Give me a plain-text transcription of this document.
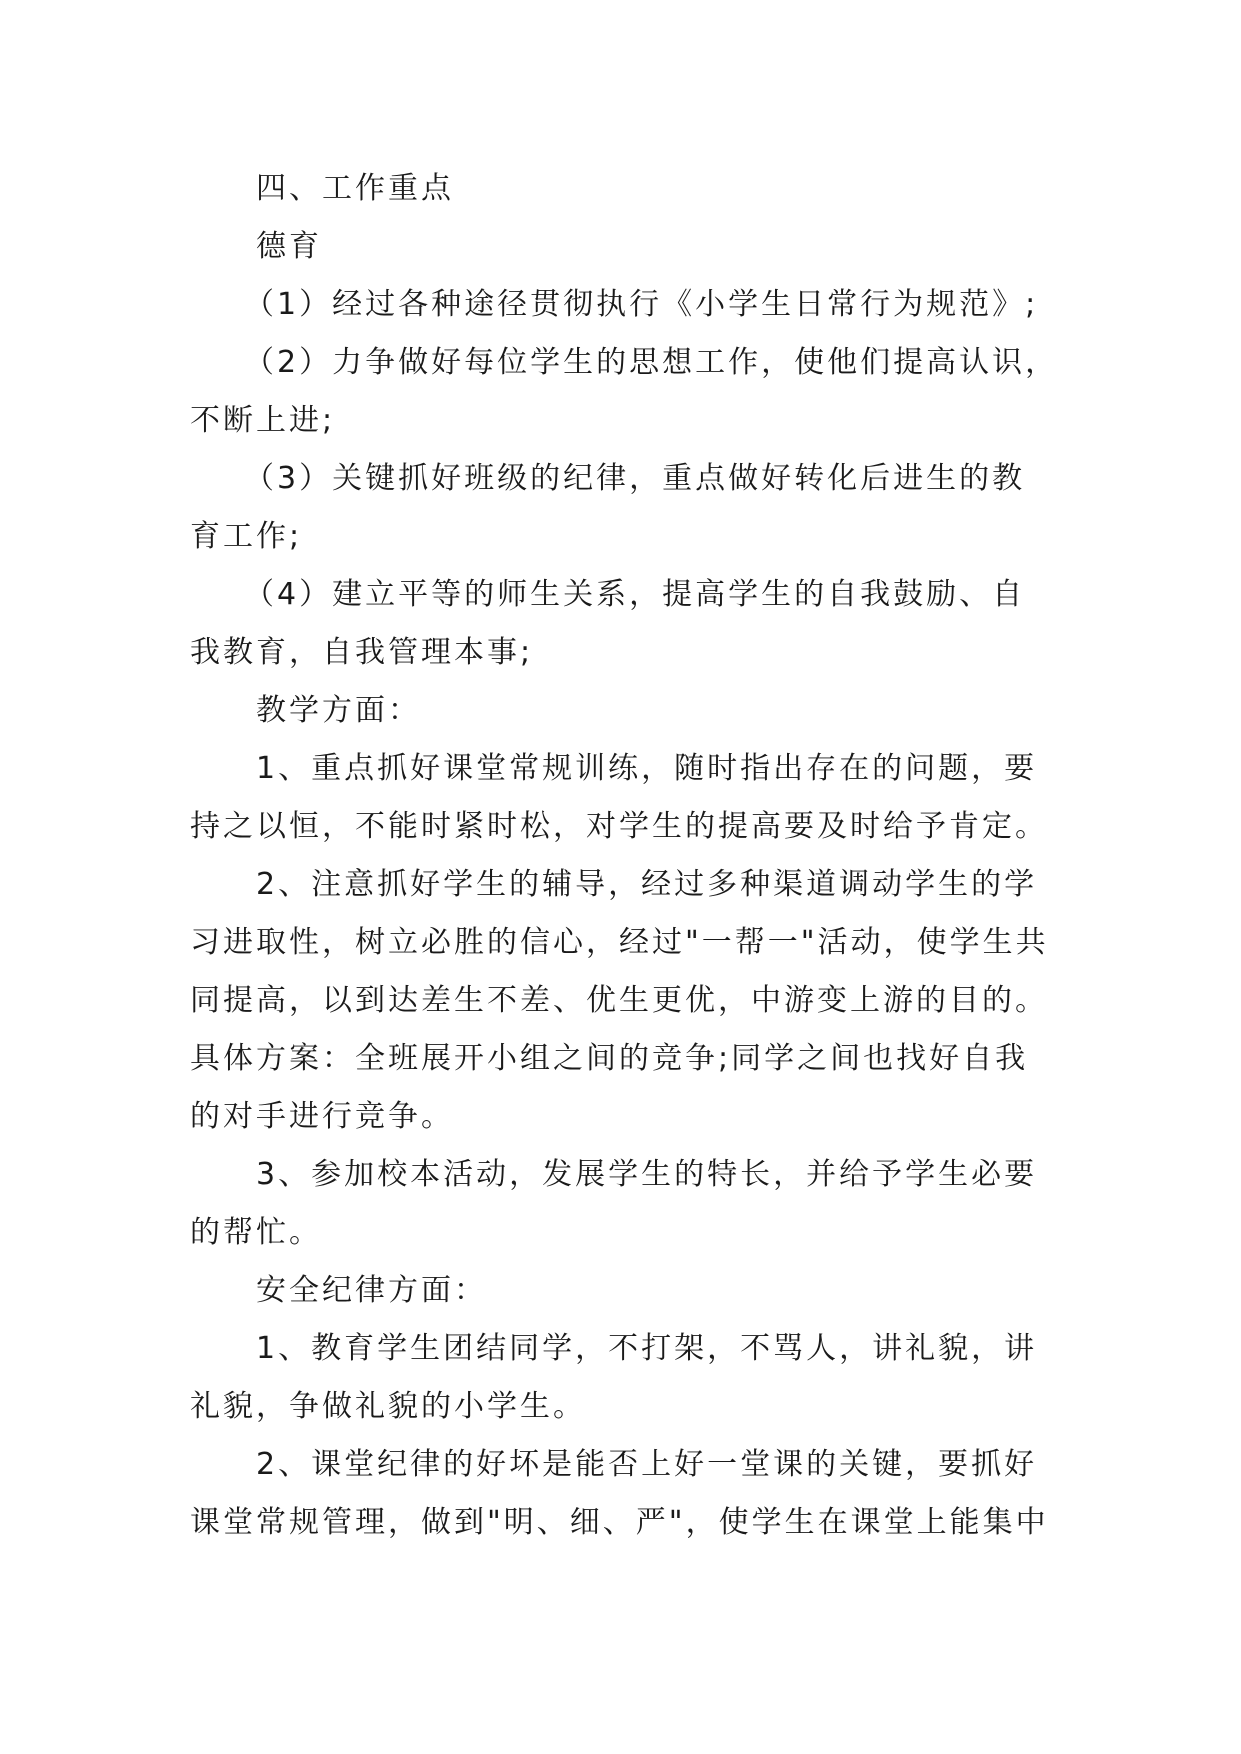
四、工作重点
德育
（1）经过各种途径贯彻执行《小学生日常行为规范》;
（2）力争做好每位学生的思想工作，使他们提高认识，
不断上进;
（3）关键抓好班级的纪律，重点做好转化后进生的教
育工作;
（4）建立平等的师生关系，提高学生的自我鼓励、自
我教育，自我管理本事;
教学方面：
1、重点抓好课堂常规训练，随时指出存在的问题，要
持之以恒，不能时紧时松，对学生的提高要及时给予肯定。
2、注意抓好学生的辅导，经过多种渠道调动学生的学
习进取性，树立必胜的信心，经过"一帮一"活动，使学生共
同提高，以到达差生不差、优生更优，中游变上游的目的。
具体方案：全班展开小组之间的竞争;同学之间也找好自我
的对手进行竞争。
3、参加校本活动，发展学生的特长，并给予学生必要
的帮忙。
安全纪律方面：
1、教育学生团结同学，不打架，不骂人，讲礼貌，讲
礼貌，争做礼貌的小学生。
2、课堂纪律的好坏是能否上好一堂课的关键，要抓好
课堂常规管理，做到"明、细、严"，使学生在课堂上能集中
